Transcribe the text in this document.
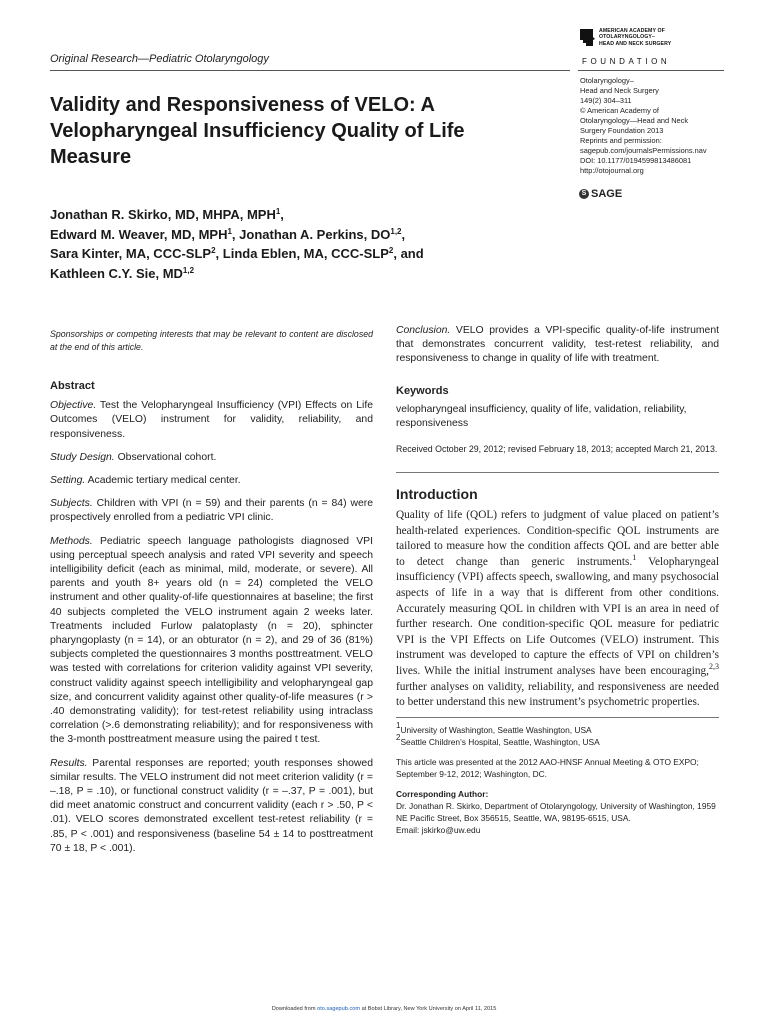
Original Research—Pediatric Otolaryngology
AMERICAN ACADEMY OF
OTOLARYNGOLOGY–
HEAD AND NECK SURGERY
FOUNDATION
Otolaryngology–
Head and Neck Surgery
149(2) 304–311
© American Academy of
Otolaryngology—Head and Neck
Surgery Foundation 2013
Reprints and permission:
sagepub.com/journalsPermissions.nav
DOI: 10.1177/0194599813486081
http://otojournal.org
S SAGE
Validity and Responsiveness of VELO: A Velopharyngeal Insufficiency Quality of Life Measure
Jonathan R. Skirko, MD, MHPA, MPH$^1$,
Edward M. Weaver, MD, MPH$^1$, Jonathan A. Perkins, DO$^{1,2}$,
Sara Kinter, MA, CCC-SLP$^2$, Linda Eblen, MA, CCC-SLP$^2$, and
Kathleen C.Y. Sie, MD$^{1,2}$
Sponsorships or competing interests that may be relevant to content are disclosed at the end of this article.
Abstract

Objective. Test the Velopharyngeal Insufficiency (VPI) Effects on Life Outcomes (VELO) instrument for validity, reliability, and responsiveness.

Study Design. Observational cohort.

Setting. Academic tertiary medical center.

Subjects. Children with VPI (n = 59) and their parents (n = 84) were prospectively enrolled from a pediatric VPI clinic.

Methods. Pediatric speech language pathologists diagnosed VPI using perceptual speech analysis and rated VPI severity and speech intelligibility deficit (each as minimal, mild, moderate, or severe). All parents and youth 8+ years old (n = 24) completed the VELO instrument and other quality-of-life questionnaires at baseline; the first 40 subjects completed the VELO instrument again 2 weeks later. Treatments included Furlow palatoplasty (n = 20), sphincter pharyngoplasty (n = 14), or an obturator (n = 2), and 29 of 36 (81%) subjects completed the questionnaires 3 months posttreatment. VELO was tested with correlations for criterion validity against VPI severity, construct validity against speech intelligibility and velopharyngeal gap size, and concurrent validity against other quality-of-life measures (r > .40 demonstrating validity); for test-retest reliability using intraclass correlation (>.6 demonstrating reliability); and for responsiveness with the 3-month posttreatment measure using the paired t test.

Results. Parental responses are reported; youth responses showed similar results. The VELO instrument did not meet criterion validity (r = –.18, P = .10), or functional construct validity (r = –.37, P = .001), but did meet anatomic construct and concurrent validity (each r > .50, P < .01). VELO scores demonstrated excellent test-retest reliability (r = .85, P < .001) and responsiveness (baseline 54 ± 14 to posttreatment 70 ± 18, P < .001).

Conclusion. VELO provides a VPI-specific quality-of-life instrument that demonstrates concurrent validity, test-retest reliability, and responsiveness to change in quality of life with treatment.
Keywords
velopharyngeal insufficiency, quality of life, validation, reliability, responsiveness
Received October 29, 2012; revised February 18, 2013; accepted March 21, 2013.
Introduction
Quality of life (QOL) refers to judgment of value placed on patient’s health-related experiences. Condition-specific QOL instruments are tailored to measure how the condition affects QOL and are better able to detect change than generic instruments.$^1$ Velopharyngeal insufficiency (VPI) affects speech, swallowing, and many psychosocial aspects of life in a way that is different from other conditions. Accurately measuring QOL in children with VPI is an area in need of further research. One condition-specific QOL measure for pediatric VPI is the VPI Effects on Life Outcomes (VELO) instrument. This instrument was developed to capture the effects of VPI on children’s lives. While the initial instrument analyses have been encouraging,$^{2,3}$ further analyses on validity, reliability, and responsiveness are needed to better understand this new instrument’s psychometric properties.
$^1$University of Washington, Seattle Washington, USA
$^2$Seattle Children’s Hospital, Seattle, Washington, USA
This article was presented at the 2012 AAO-HNSF Annual Meeting & OTO EXPO; September 9-12, 2012; Washington, DC.
Corresponding Author:
Dr. Jonathan R. Skirko, Department of Otolaryngology, University of Washington, 1959 NE Pacific Street, Box 356515, Seattle, WA, 98195-6515, USA.
Email: jskirko@uw.edu
Downloaded from oto.sagepub.com at Bobst Library, New York University on April 11, 2015
